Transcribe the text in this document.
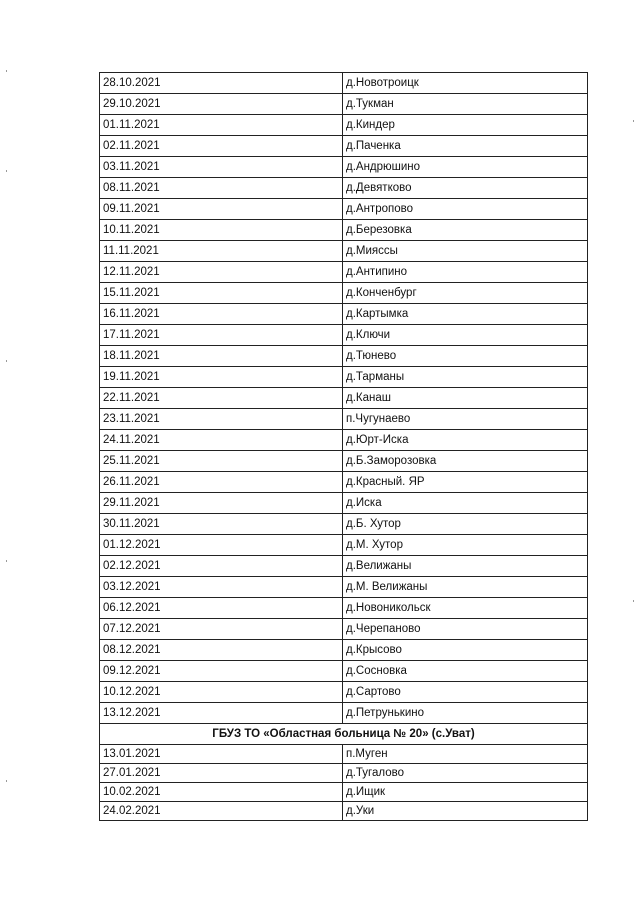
28.10.2021	д.Новотроицк
29.10.2021	д.Тукман
01.11.2021	д.Киндер
02.11.2021	д.Паченка
03.11.2021	д.Андрюшино
08.11.2021	д.Девятково
09.11.2021	д.Антропово
10.11.2021	д.Березовка
11.11.2021	д.Мияссы
12.11.2021	д.Антипино
15.11.2021	д.Конченбург
16.11.2021	д.Картымка
17.11.2021	д.Ключи
18.11.2021	д.Тюнево
19.11.2021	д.Тарманы
22.11.2021	д.Канаш
23.11.2021	п.Чугунаево
24.11.2021	д.Юрт-Иска
25.11.2021	д.Б.Заморозовка
26.11.2021	д.Красный. ЯР
29.11.2021	д.Иска
30.11.2021	д.Б. Хутор
01.12.2021	д.М. Хутор
02.12.2021	д.Велижаны
03.12.2021	д.М. Велижаны
06.12.2021	д.Новоникольск
07.12.2021	д.Черепаново
08.12.2021	д.Крысово
09.12.2021	д.Сосновка
10.12.2021	д.Сартово
13.12.2021	д.Петрунькино
ГБУЗ ТО «Областная больница № 20» (с.Уват)	
13.01.2021	п.Муген
27.01.2021	д.Тугалово
10.02.2021	д.Ищик
24.02.2021	д.Уки
